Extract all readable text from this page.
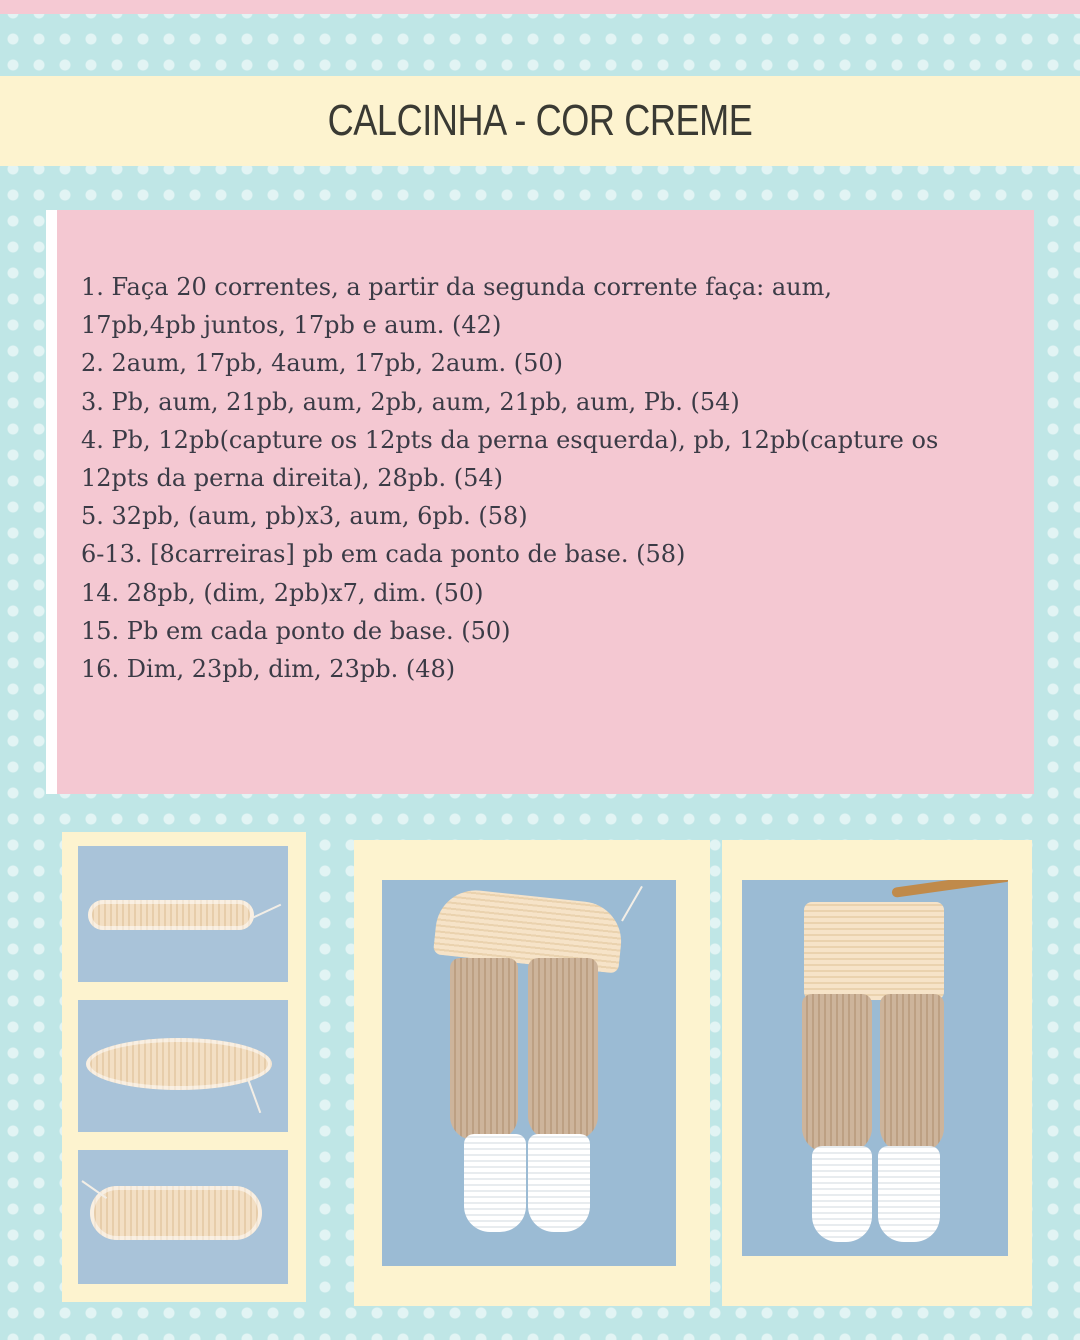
CALCINHA - COR CREME
1. Faça 20 correntes, a partir da segunda corrente faça: aum,
17pb,4pb juntos, 17pb e aum. (42)
2. 2aum, 17pb, 4aum, 17pb, 2aum. (50)
3. Pb, aum, 21pb, aum, 2pb, aum, 21pb, aum, Pb. (54)
4. Pb, 12pb(capture os 12pts da perna esquerda), pb, 12pb(capture os
12pts da perna direita), 28pb. (54)
5. 32pb, (aum, pb)x3, aum, 6pb. (58)
6-13. [8carreiras] pb em cada ponto de base. (58)
14. 28pb, (dim, 2pb)x7, dim. (50)
15. Pb em cada ponto de base. (50)
16. Dim, 23pb, dim, 23pb. (48)
